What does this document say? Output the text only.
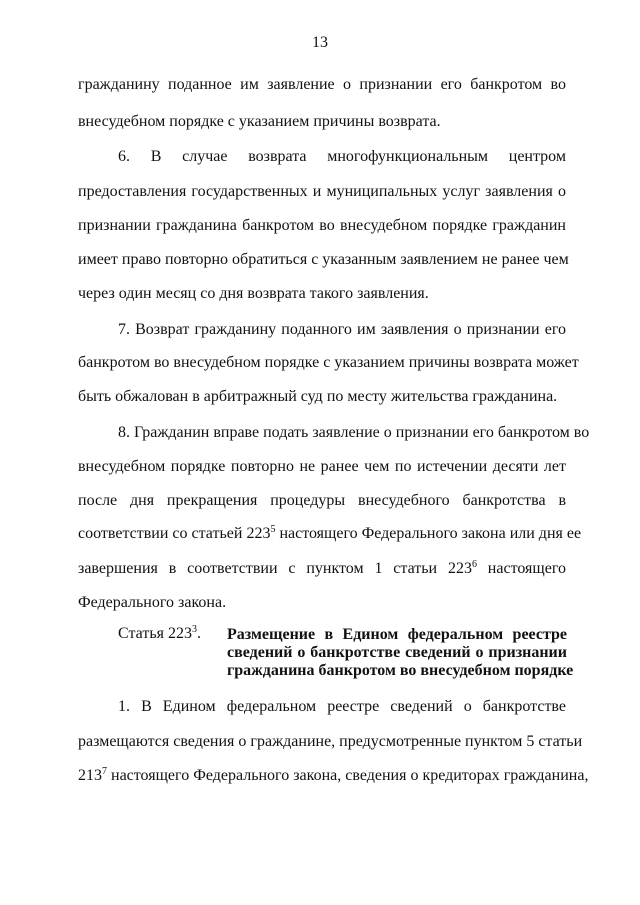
13
гражданину поданное им заявление о признании его банкротом во
внесудебном порядке с указанием причины возврата.
6. В случае возврата многофункциональным центром
предоставления государственных и муниципальных услуг заявления о
признании гражданина банкротом во внесудебном порядке гражданин
имеет право повторно обратиться с указанным заявлением не ранее чем
через один месяц со дня возврата такого заявления.
7. Возврат гражданину поданного им заявления о признании его
банкротом во внесудебном порядке с указанием причины возврата может
быть обжалован в арбитражный суд по месту жительства гражданина.
8. Гражданин вправе подать заявление о признании его банкротом во
внесудебном порядке повторно не ранее чем по истечении десяти лет
после дня прекращения процедуры внесудебного банкротства в
соответствии со статьей $223^5$ настоящего Федерального закона или дня ее
завершения в соответствии с пунктом 1 статьи $223^6$ настоящего
Федерального закона.
Статья $223^3$. Размещение в Едином федеральном реестре
сведений о банкротстве сведений о признании
гражданина банкротом во внесудебном порядке
1. В Едином федеральном реестре сведений о банкротстве
размещаются сведения о гражданине, предусмотренные пунктом 5 статьи
$213^7$ настоящего Федерального закона, сведения о кредиторах гражданина,
